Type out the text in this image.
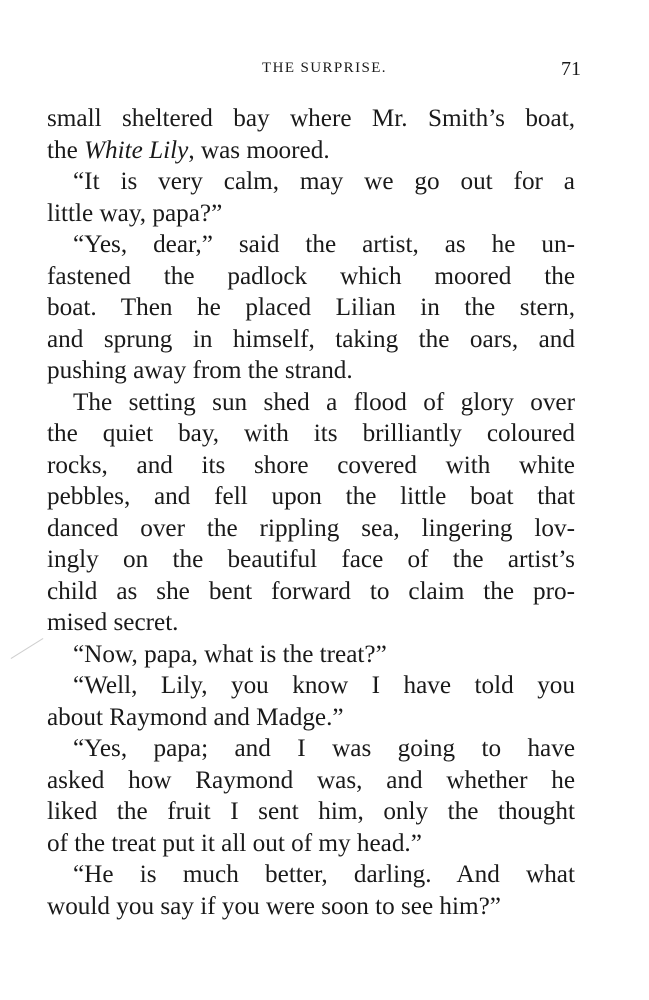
THE SURPRISE.	71
small sheltered bay where Mr. Smith’s boat,
the White Lily, was moored.
“It is very calm, may we go out for a
little way, papa?”
“Yes, dear,” said the artist, as he un-
fastened the padlock which moored the
boat. Then he placed Lilian in the stern,
and sprung in himself, taking the oars, and
pushing away from the strand.
The setting sun shed a flood of glory over
the quiet bay, with its brilliantly coloured
rocks, and its shore covered with white
pebbles, and fell upon the little boat that
danced over the rippling sea, lingering lov-
ingly on the beautiful face of the artist’s
child as she bent forward to claim the pro-
mised secret.
“Now, papa, what is the treat?”
“Well, Lily, you know I have told you
about Raymond and Madge.”
“Yes, papa; and I was going to have
asked how Raymond was, and whether he
liked the fruit I sent him, only the thought
of the treat put it all out of my head.”
“He is much better, darling. And what
would you say if you were soon to see him?”
